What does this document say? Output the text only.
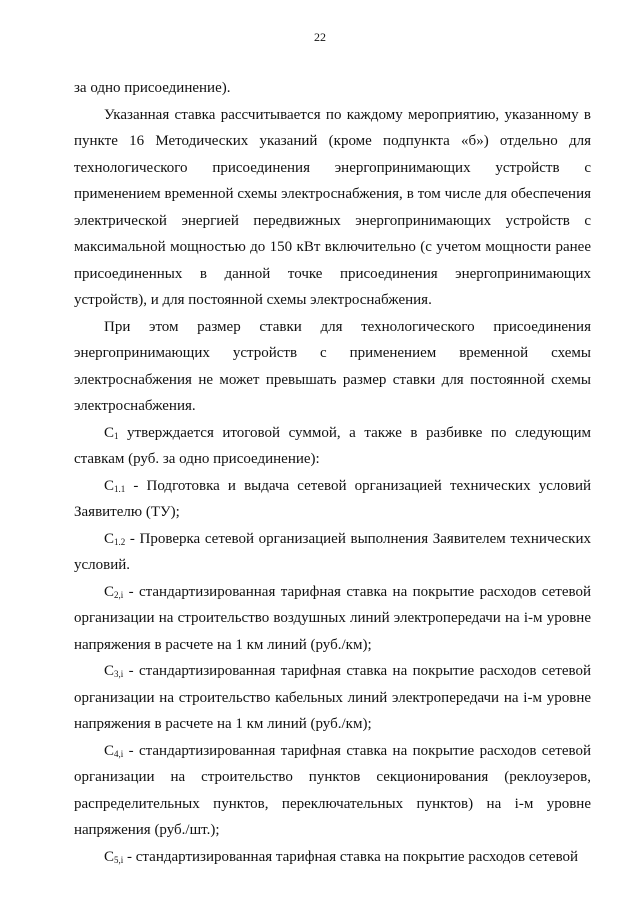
22

за одно присоединение).

Указанная ставка рассчитывается по каждому мероприятию, указанному в пункте 16 Методических указаний (кроме подпункта «б») отдельно для технологического присоединения энергопринимающих устройств с применением временной схемы электроснабжения, в том числе для обеспечения электрической энергией передвижных энергопринимающих устройств с максимальной мощностью до 150 кВт включительно (с учетом мощности ранее присоединенных в данной точке присоединения энергопринимающих устройств), и для постоянной схемы электроснабжения.

При этом размер ставки для технологического присоединения энергопринимающих устройств с применением временной схемы электроснабжения не может превышать размер ставки для постоянной схемы электроснабжения.

$C_1$ утверждается итоговой суммой, а также в разбивке по следующим ставкам (руб. за одно присоединение):

$C_{1.1}$ - Подготовка и выдача сетевой организацией технических условий Заявителю (ТУ);

$C_{1.2}$ - Проверка сетевой организацией выполнения Заявителем технических условий.

$C_{2,i}$ - стандартизированная тарифная ставка на покрытие расходов сетевой организации на строительство воздушных линий электропередачи на i-м уровне напряжения в расчете на 1 км линий (руб./км);

$C_{3,i}$ - стандартизированная тарифная ставка на покрытие расходов сетевой организации на строительство кабельных линий электропередачи на i-м уровне напряжения в расчете на 1 км линий (руб./км);

$C_{4,i}$ - стандартизированная тарифная ставка на покрытие расходов сетевой организации на строительство пунктов секционирования (реклоузеров, распределительных пунктов, переключательных пунктов) на i-м уровне напряжения (руб./шт.);

$C_{5,i}$ - стандартизированная тарифная ставка на покрытие расходов сетевой
